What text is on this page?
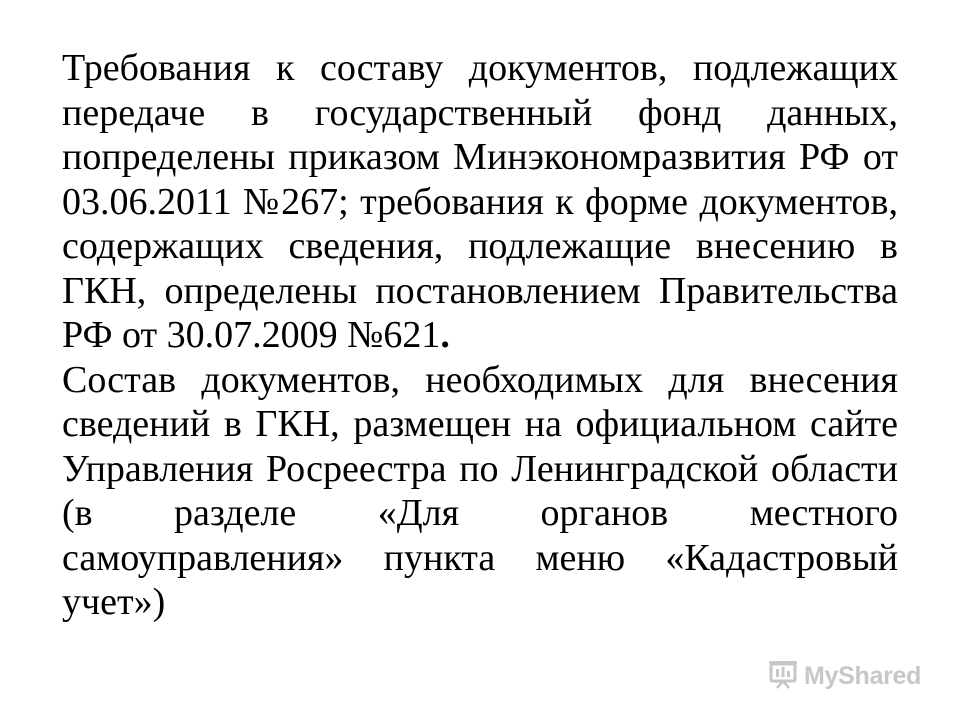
Требования к составу документов, подлежащих передаче в государственный фонд данных, попределены приказом Минэкономразвития РФ от 03.06.2011 №267; требования к форме документов, содержащих сведения, подлежащие внесению в ГКН, определены постановлением Правительства РФ от 30.07.2009 №621.

Состав документов, необходимых для внесения сведений в ГКН, размещен на официальном сайте Управления Росреестра по Ленинградской области (в разделе «Для органов местного самоуправления» пункта меню «Кадастровый учет»)

MyShared
